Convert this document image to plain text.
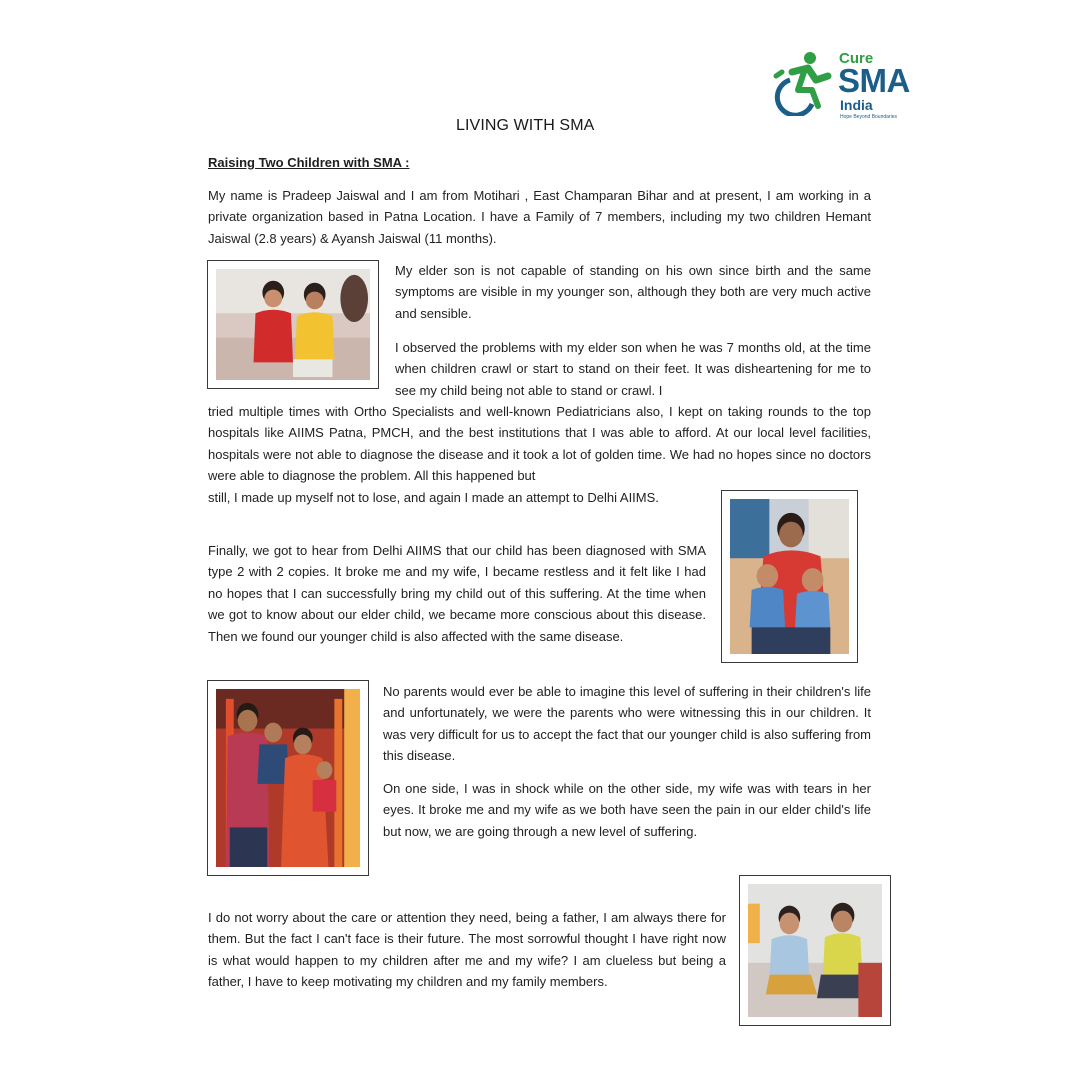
Cure
SMA
India
Hope Beyond Boundaries
LIVING WITH SMA
Raising Two Children with SMA :
My name is Pradeep Jaiswal and I am from Motihari , East Champaran Bihar and at present, I am working in a private organization based in Patna Location. I have a Family of 7 members, including my two children Hemant Jaiswal (2.8 years) & Ayansh Jaiswal (11 months).
My elder son is not capable of standing on his own since birth and the same symptoms are visible in my younger son, although they both are very much active and sensible.
I observed the problems with my elder son when he was 7 months old, at the time when children crawl or start to stand on their feet. It was disheartening for me to see my child being not able to stand or crawl. I
tried multiple times with Ortho Specialists and well-known Pediatricians also, I kept on taking rounds to the top hospitals like AIIMS Patna, PMCH, and the best institutions that I was able to afford. At our local level facilities, hospitals were not able to diagnose the disease and it took a lot of golden time. We had no hopes since no doctors were able to diagnose the problem. All this happened but
still, I made up myself not to lose, and again I made an attempt to Delhi AIIMS.
Finally, we got to hear from Delhi AIIMS that our child has been diagnosed with SMA type 2 with 2 copies. It broke me and my wife, I became restless and it felt like I had no hopes that I can successfully bring my child out of this suffering. At the time when we got to know about our elder child, we became more conscious about this disease. Then we found our younger child is also affected with the same disease.
No parents would ever be able to imagine this level of suffering in their children's life and unfortunately, we were the parents who were witnessing this in our children. It was very difficult for us to accept the fact that our younger child is also suffering from this disease.
On one side, I was in shock while on the other side, my wife was with tears in her eyes. It broke me and my wife as we both have seen the pain in our elder child's life but now, we are going through a new level of suffering.
I do not worry about the care or attention they need, being a father, I am always there for them. But the fact I can't face is their future. The most sorrowful thought I have right now is what would happen to my children after me and my wife? I am clueless but being a father, I have to keep motivating my children and my family members.
